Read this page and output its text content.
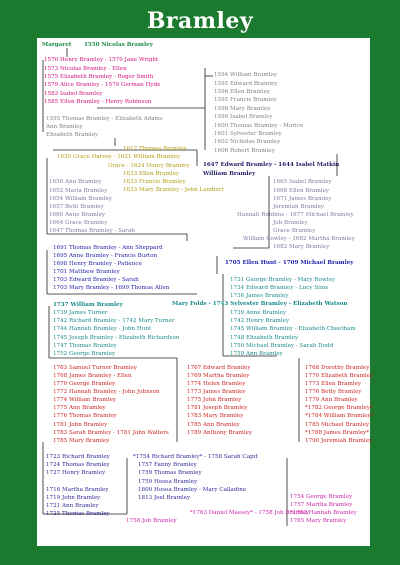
Bramley
Margaret 1550 Nicolas Bramley
1570 Henry Bramley - 1570 Jane Wright
1573 Nicolas Bramley - Ellen
1575 Elizabeth Bramley - Roger Smith
1579 Alice Bramley - 1579 German Hyde
1583 Isabel Bramley
1585 Ellen Bramley - Henry Robinson
1595 Thomas Bramley - Elizabeth Adams
Ann Bramley
Elizabeth Bramley
1594 William Bramley
1595 Edward Bramley
1596 Ellen Bramley
1595 Francis Bramley
1598 Mary Bramley
1599 Isabel Bramley
1600 Thomas Bramley - Morice
1601 Sylvester Bramley
1602 Nicholas Bramley
1606 Robert Bramley
1617 Thomas Bramley
1620 Grace Darvey - 1621 William Bramley
Grace - 1624 Henry Bramley
1633 Ellen Bramley
1633 Francis Bramley
1633 Mary Bramley - John Lambert
1647 Edward Bramley - 1644 Isabel Matkin
William Bramley
1650 Ann Bramley
1652 Maria Bramley
1654 William Bramley
1657 Beth Bramley
1660 Anne Bramley
1664 Grace Bramley
1647 Thomas Bramley - Sarah
1665 Isabel Bramley
1668 Ellen Bramley
1671 James Bramley
Jeremiah Bramley
Hannah Robbins - 1677 Michael Bramley
Job Bramley
Grace Bramley
William Cowley - 1682 Martha Bramley
1682 Mary Bramley
1691 Thomas Bramley - Ann Sheppard
1695 Anne Bramley - Francis Burton
1698 Henry Bramley - Patience
1701 Matthew Bramley
1703 Edward Bramley - Sarah
1703 Mary Bramley - 1699 Thomas Allen
1705 Ellen Hunt - 1709 Michael Bramley
1731 George Bramley - Mary Rowley
1734 Edward Bramley - Lucy Sims
1736 James Bramley
Mary Folds - 1743 Sylvester Bramley - Elizabeth Watson
1739 Anne Bramley
1742 Henry Bramley
1745 William Bramley - Elizabeth Cheetham
1748 Elizabeth Bramley
1750 Michael Bramley - Sarah Dodd
1759 Ann Bramley
1737 William Bramley
1739 James Turner
1742 Richard Bramley - 1742 Mary Turner
1744 Hannah Bramley - John Hunt
1745 Joseph Bramley - Elizabeth Richardson
1747 Thomas Bramley
1752 George Bramley
1763 Samuel Turner Bramley
1768 James Bramley - Ellen
1770 George Bramley
1772 Hannah Bramley - John Johnson
1774 William Bramley
1775 Ann Bramley
1776 Thomas Bramley
1781 John Bramley
1783 Sarah Bramley - 1781 John Walters
1785 Mary Bramley
1767 Edward Bramley
1769 Martha Bramley
1774 Helen Bramley
1773 James Bramley
1775 John Bramley
1781 Joseph Bramley
1783 Mary Bramley
1785 Ann Bramley
1789 Anthony Bramley
1768 Dorothy Bramley
1770 Elizabeth Bramley
1773 Ellen Bramley
1776 Betty Bramley
1779 Ann Bramley
*1782 George Bramley*
*1784 William Bramley*
1785 Michael Bramley
*1788 James Bramley*
1790 Jeremiah Bramley
1723 Richard Bramley
1724 Thomas Bramley
1727 Henry Bramley
1716 Martha Bramley
1719 John Bramley
1721 Ann Bramley
1725 Thomas Bramley
*1754 Richard Bramley* - 1758 Sarah Capit
1757 Fanny Bramley
1759 Thomas Bramley
1759 Hosea Bramley
1800 Hosea Bramley - Mary Calladine
1813 Joel Bramley
1758 Job Bramley
*1763 Daniel Massey* - 1758 Job Bramley
1754 George Bramley
1757 Martha Bramley
*1762 Hannah Bramley
1765 Mary Bramley
